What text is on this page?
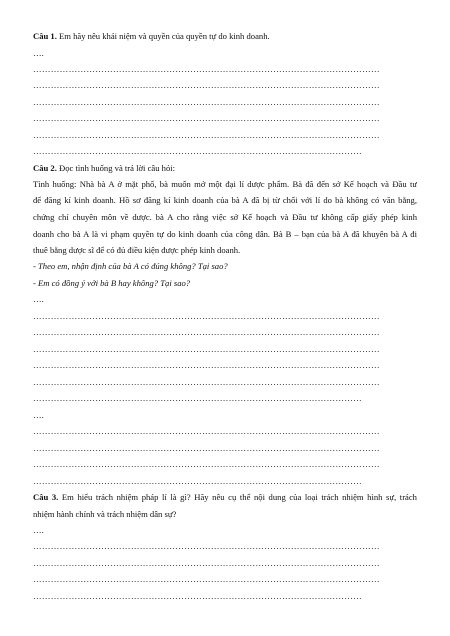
Câu 1. Em hãy nêu khái niệm và quyền của quyền tự do kinh doanh.
….
………………………………………………………………………………………………………
………………………………………………………………………………………………………
………………………………………………………………………………………………………
………………………………………………………………………………………………………
………………………………………………………………………………………………………
…………………………………………………………………………………………………
Câu 2. Đọc tình huống và trả lời câu hỏi:
Tình huống: Nhà bà A ở mặt phố, bà muốn mở một đại lí dược phẩm. Bà đã đến sở Kế hoạch và Đầu tư
để đăng kí kinh doanh. Hồ sơ đăng kí kinh doanh của bà A đã bị từ chối với lí do bà không có văn bằng,
chứng chỉ chuyên môn về dược. bà A cho rằng việc sở Kế hoạch và Đầu tư không cấp giấy phép kinh
doanh cho bà A là vi phạm quyền tự do kinh doanh của công dân. Bà B – bạn của bà A đã khuyên bà A đi
thuê bằng dược sĩ để có đủ điều kiện được phép kinh doanh.
- Theo em, nhận định của bà A có đúng không? Tại sao?
- Em có đồng ý với bà B hay không? Tại sao?
….
………………………………………………………………………………………………………
………………………………………………………………………………………………………
………………………………………………………………………………………………………
………………………………………………………………………………………………………
………………………………………………………………………………………………………
…………………………………………………………………………………………………
….
………………………………………………………………………………………………………
………………………………………………………………………………………………………
………………………………………………………………………………………………………
…………………………………………………………………………………………………
Câu 3. Em hiểu trách nhiệm pháp lí là gì? Hãy nêu cụ thể nội dung của loại trách nhiệm hình sự, trách
nhiệm hành chính và trách nhiệm dân sự?
….
………………………………………………………………………………………………………
………………………………………………………………………………………………………
………………………………………………………………………………………………………
…………………………………………………………………………………………………
